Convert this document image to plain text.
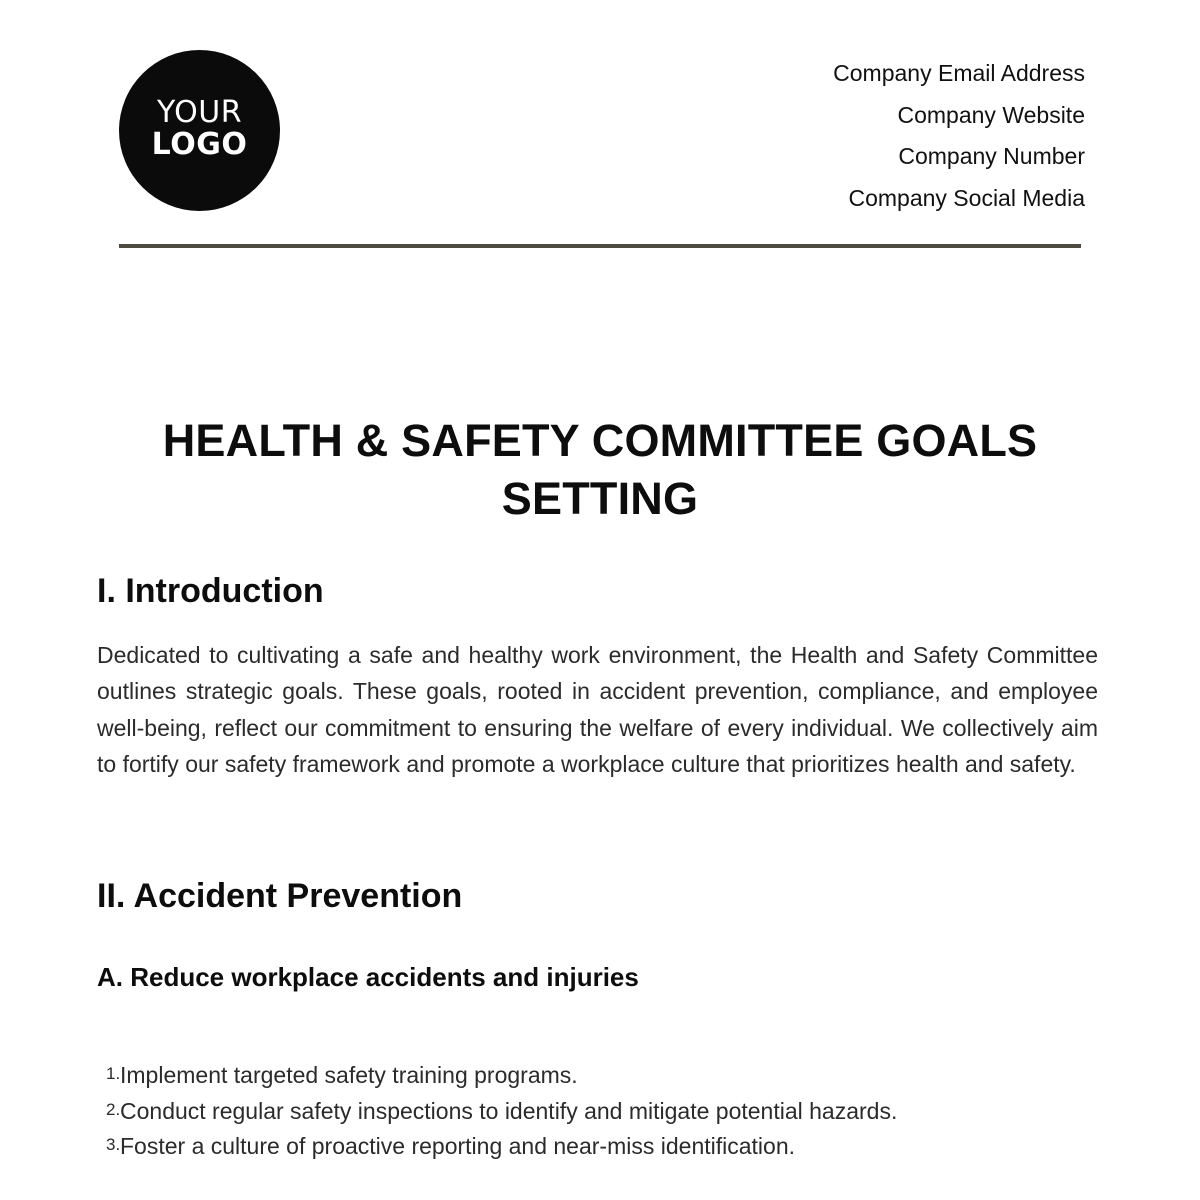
YOUR
LOGO
Company Email Address
Company Website
Company Number
Company Social Media
HEALTH & SAFETY COMMITTEE GOALS SETTING
I. Introduction
Dedicated to cultivating a safe and healthy work environment, the Health and Safety Committee outlines strategic goals. These goals, rooted in accident prevention, compliance, and employee well-being, reflect our commitment to ensuring the welfare of every individual. We collectively aim to fortify our safety framework and promote a workplace culture that prioritizes health and safety.
II. Accident Prevention
A. Reduce workplace accidents and injuries
1.Implement targeted safety training programs.
2.Conduct regular safety inspections to identify and mitigate potential hazards.
3.Foster a culture of proactive reporting and near-miss identification.
